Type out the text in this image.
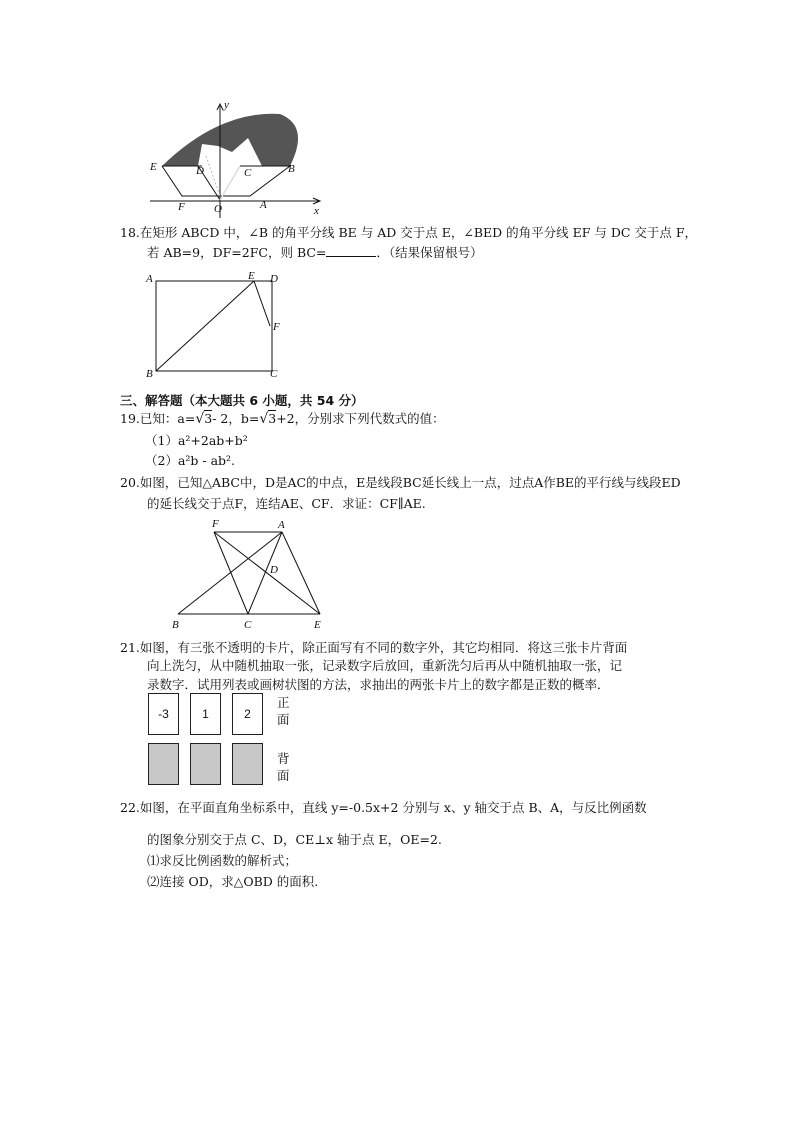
y
x
E	D	C	B
F	O	A
18.在矩形 ABCD 中，∠B 的角平分线 BE 与 AD 交于点 E，∠BED 的角平分线 EF 与 DC 交于点 F，
若 AB=9，DF=2FC，则 BC=	．（结果保留根号）
A	E D
F
B	C
三、解答题（本大题共 6 小题，共 54 分）
19.已知：a=√3- 2，b=√3+2，分别求下列代数式的值：
（1）a²+2ab+b²
（2）a²b - ab².
20.如图，已知△ABC中，D是AC的中点，E是线段BC延长线上一点，过点A作BE的平行线与线段ED
的延长线交于点F，连结AE、CF．求证：CF∥AE.
F	A
D
B	C	E
21.如图，有三张不透明的卡片，除正面写有不同的数字外，其它均相同．将这三张卡片背面
向上洗匀，从中随机抽取一张，记录数字后放回，重新洗匀后再从中随机抽取一张，记
录数字．试用列表或画树状图的方法，求抽出的两张卡片上的数字都是正数的概率．
-3	1	2
正面
背面
22.如图，在平面直角坐标系中，直线 y=-0.5x+2 分别与 x、y 轴交于点 B、A，与反比例函数
的图象分别交于点 C、D，CE⊥x 轴于点 E，OE=2.
⑴求反比例函数的解析式；
⑵连接 OD，求△OBD 的面积.
